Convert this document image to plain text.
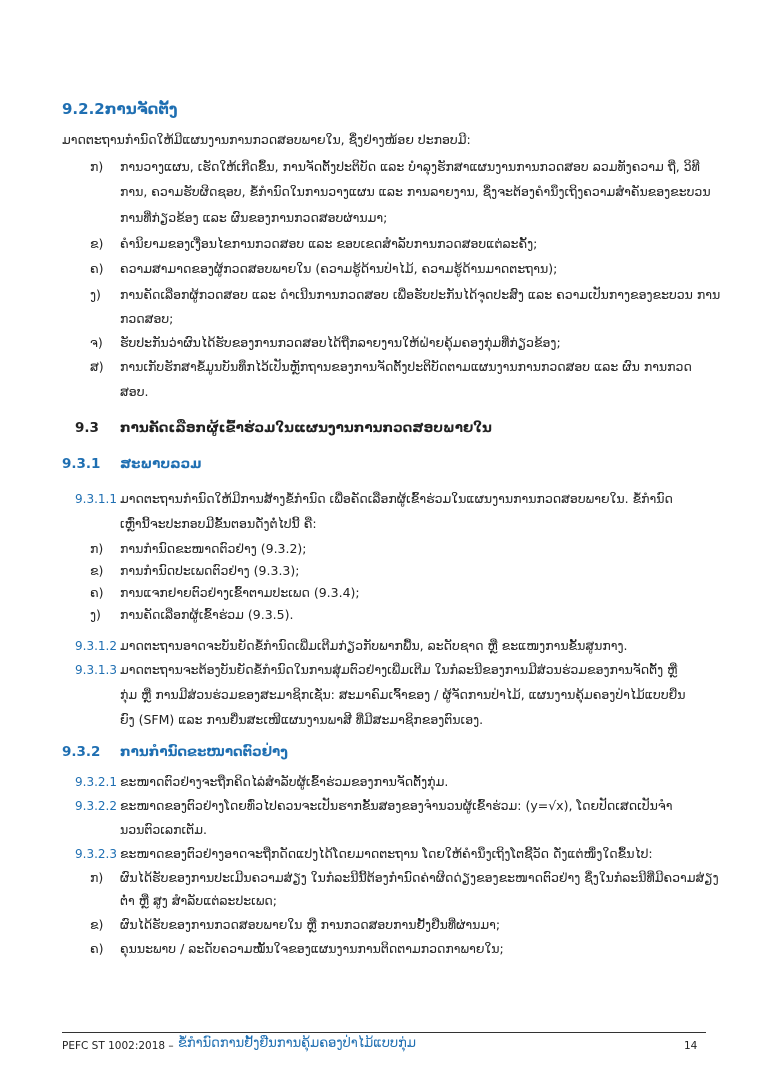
9.2.2ການຈັດຕັ້ງ
ມາດຕະຖານກໍານົດໃຫ້ມີແຜນງານການກວດສອບພາຍໃນ, ຊຶ່ງຢ່າງໜ້ອຍ ປະກອບມີ:
ກ) ການວາງແຜນ, ເຮັດໃຫ້ເກີດຂຶ້ນ, ການຈັດຕັ້ງປະຕິບັດ ແລະ ບໍາລຸງຮັກສາແຜນງານການກວດສອບ ລວມທັງຄວາມ ຖີ່, ວິທີ
ການ, ຄວາມຮັບຜິດຊອບ, ຂໍ້ກໍານົດໃນການວາງແຜນ ແລະ ການລາຍງານ, ຊຶ່ງຈະຕ້ອງຄໍານຶງເຖິງຄວາມສໍາຄັນຂອງຂະບວນ
ການທີ່ກ່ຽວຂ້ອງ ແລະ ຜົນຂອງການກວດສອບຜ່ານມາ;
ຂ) ຄໍານິຍາມຂອງເງື່ອນໄຂການກວດສອບ ແລະ ຂອບເຂດສໍາລັບການກວດສອບແຕ່ລະຄັ້ງ;
ຄ) ຄວາມສາມາດຂອງຜູ້ກວດສອບພາຍໃນ (ຄວາມຮູ້ດ້ານປ່າໄມ້, ຄວາມຮູ້ດ້ານມາດຕະຖານ);
ງ) ການຄັດເລືອກຜູ້ກວດສອບ ແລະ ດໍາເນີນການກວດສອບ ເພື່ອຮັບປະກັນໄດ້ຈຸດປະສົງ ແລະ ຄວາມເປັນກາງຂອງຂະບວນ ການ
ກວດສອບ;
ຈ) ຮັບປະກັນວ່າຜົນໄດ້ຮັບຂອງການກວດສອບໄດ້ຖືກລາຍງານໃຫ້ຝ່າຍຄຸ້ມຄອງກຸ່ມທີ່ກ່ຽວຂ້ອງ;
ສ) ການເກັບຮັກສາຂໍ້ມູນບັນທຶກໄວ້ເປັນຫຼັກຖານຂອງການຈັດຕັ້ງປະຕິບັດຕາມແຜນງານການກວດສອບ ແລະ ຜົນ ການກວດ
ສອບ.
9.3 ການຄັດເລືອກຜູ້ເຂົ້າຮ່ວມໃນແຜນງານການກວດສອບພາຍໃນ
9.3.1 ສະພາບລວມ
9.3.1.1 ມາດຕະຖານກໍານົດໃຫ້ມີການສ້າງຂໍ້ກໍານົດ ເພື່ອຄັດເລືອກຜູ້ເຂົ້າຮ່ວມໃນແຜນງານການກວດສອບພາຍໃນ. ຂໍ້ກໍານົດ
ເຫຼົ່ານີ້ຈະປະກອບມີຂັ້ນຕອນດັ່ງຕໍ່ໄປນີ້ ຄື:
ກ) ການກໍານົດຂະໜາດຕົວຢ່າງ (9.3.2);
ຂ) ການກໍານົດປະເພດຕົວຢ່າງ (9.3.3);
ຄ) ການແຈກຢາຍຕົວຢ່າງເຂົ້າຕາມປະເພດ (9.3.4);
ງ) ການຄັດເລືອກຜູ້ເຂົ້າຮ່ວມ (9.3.5).
9.3.1.2 ມາດຕະຖານອາດຈະບັນຍັດຂໍ້ກໍານົດເພີ່ມເຕີມກ່ຽວກັບພາກພື້ນ, ລະດັບຊາດ ຫຼື ຂະແໜງການຂັ້ນສູນກາງ.
9.3.1.3 ມາດຕະຖານຈະຕ້ອງບັນຍັດຂໍ້ກໍານົດໃນການສຸ່ມຕົວຢ່າງເພີ່ມເຕີມ ໃນກໍລະນີຂອງການມີສ່ວນຮ່ວມຂອງການຈັດຕັ້ງ ຫຼື
ກຸ່ມ ຫຼື ການມີສ່ວນຮ່ວມຂອງສະມາຊິກເຊັ່ນ: ສະມາຄົມເຈົ້າຂອງ / ຜູ້ຈັດການປ່າໄມ້, ແຜນງານຄຸ້ມຄອງປ່າໄມ້ແບບຍືນ
ຍົງ (SFM) ແລະ ການຍື່ນສະເໜີແຜນງານພາສີ ທີ່ມີສະມາຊິກຂອງຕົນເອງ.
9.3.2 ການກໍານົດຂະໜາດຕົວຢ່າງ
9.3.2.1 ຂະໜາດຕົວຢ່າງຈະຖືກຄິດໄລ່ສໍາລັບຜູ້ເຂົ້າຮ່ວມຂອງການຈັດຕັ້ງກຸ່ມ.
9.3.2.2 ຂະໜາດຂອງຕົວຢ່າງໂດຍທົ່ວໄປຄວນຈະເປັນຮາກຂັ້ນສອງຂອງຈໍານວນຜູ້ເຂົ້າຮ່ວມ: (y=√x), ໂດຍປັດເສດເປັນຈໍາ
ນວນຕົວເລກເຕັມ.
9.3.2.3 ຂະໜາດຂອງຕົວຢ່າງອາດຈະຖືກດັດແປງໄດ້ໂດຍມາດຕະຖານ ໂດຍໃຫ້ຄໍານຶງເຖິງໂຕຊີ້ວັດ ດັ່ງແຕ່ໜຶ່ງໃດຂຶ້ນໄປ:
ກ) ຜົນໄດ້ຮັບຂອງການປະເມີນຄວາມສ່ຽງ ໃນກໍລະນີນີ້ຕ້ອງກໍານົດຄ່າຜິດດ່ຽງຂອງຂະໜາດຕົວຢ່າງ ຊຶ່ງໃນກໍລະນີທີ່ມີຄວາມສ່ຽງ
ຕໍ່າ ຫຼື ສູງ ສໍາລັບແຕ່ລະປະເພດ;
ຂ) ຜົນໄດ້ຮັບຂອງການກວດສອບພາຍໃນ ຫຼື ການກວດສອບການຢັ້ງຢືນທີ່ຜ່ານມາ;
ຄ) ຄຸນນະພາບ / ລະດັບຄວາມໝັ້ນໃຈຂອງແຜນງານການຕິດຕາມກວດກາພາຍໃນ;
PEFC ST 1002:2018 – ຂໍ້ກໍານົດການຢັ້ງຢືນການຄຸ້ມຄອງປ່າໄມ້ແບບກຸ່ມ	14
